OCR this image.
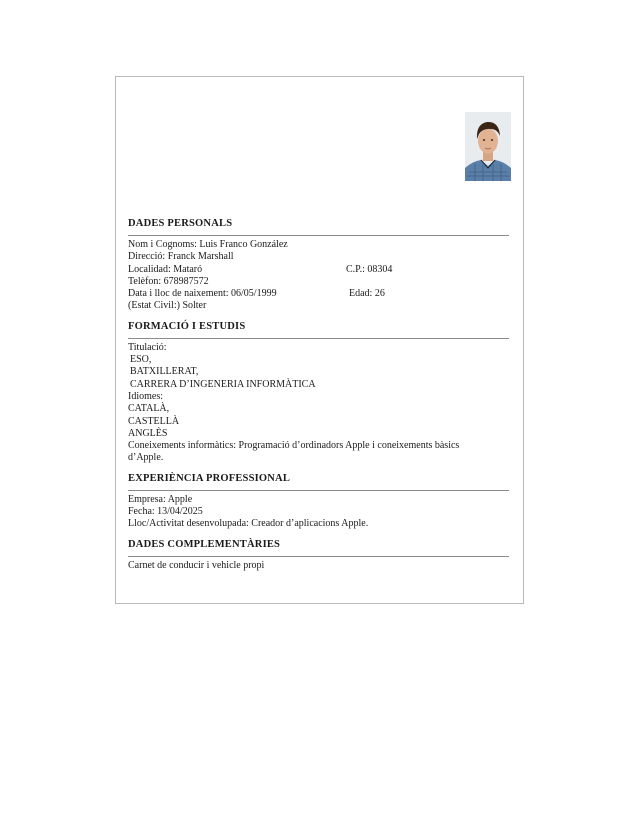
DADES PERSONALS
Nom i Cognoms: Luis Franco González
Direcció: Franck Marshall
Localidad: Mataró	C.P.: 08304
Telèfon: 678987572
Data i lloc de naixement: 06/05/1999	Edad: 26
(Estat Civil:) Solter
FORMACIÓ I ESTUDIS
Titulació:
ESO,
BATXILLERAT,
CARRERA D’INGENERIA INFORMÀTICA
Idiomes:
CATALÀ,
CASTELLÀ
ANGLÈS
Coneixements informàtics: Programació d’ordinadors Apple i coneixements bàsics
d’Apple.
EXPERIÈNCIA PROFESSIONAL
Empresa: Apple
Fecha: 13/04/2025
Lloc/Activitat desenvolupada: Creador d’aplicacions Apple.
DADES COMPLEMENTÀRIES
Carnet de conducir i vehicle propi
